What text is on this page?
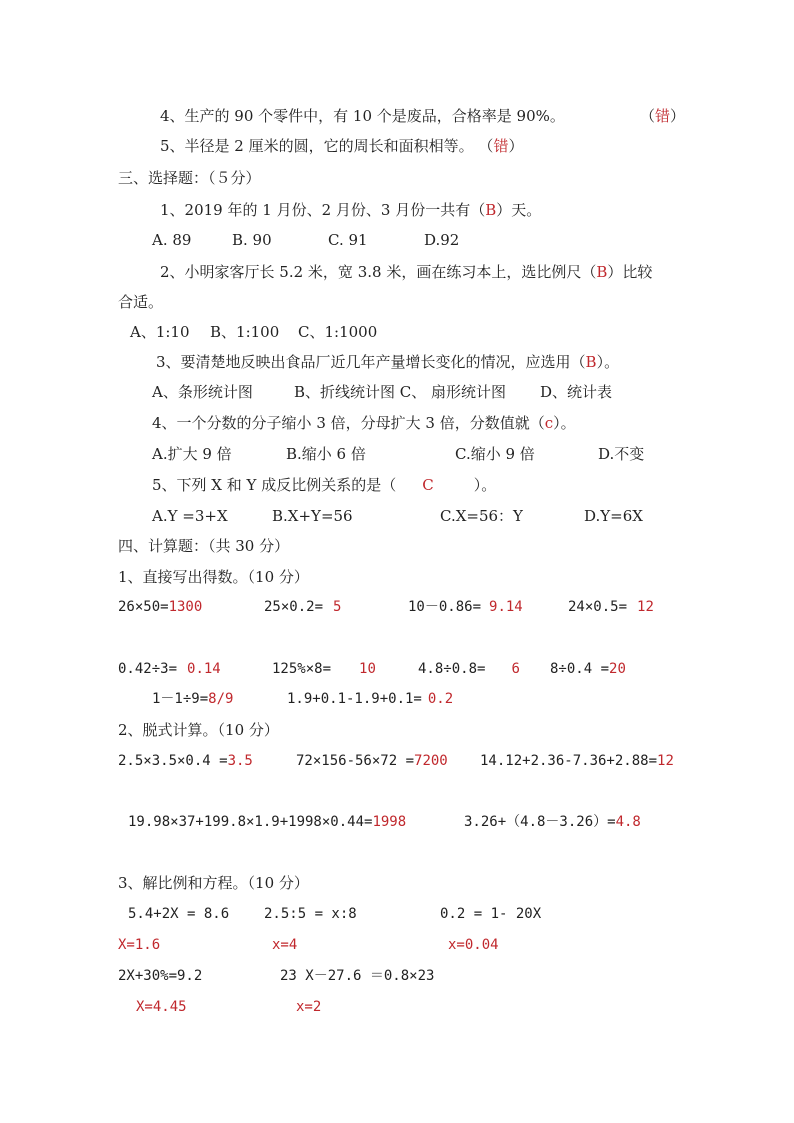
4、生产的 90 个零件中，有 10 个是废品，合格率是 90%。	（错）
5、半径是 2 厘米的圆，它的周长和面积相等。 （错）
三、选择题：（５分）
1、2019 年的 1 月份、2 月份、3 月份一共有（B）天。
A. 89	B. 90	C. 91	D.92
2、小明家客厅长 5.2 米，宽 3.8 米，画在练习本上，选比例尺（B）比较
合适。
A、1:10 B、1:100 C、1:1000
3、要清楚地反映出食品厂近几年产量增长变化的情况，应选用（B）。
A、条形统计图	B、折线统计图 C、 扇形统计图 D、统计表
4、一个分数的分子缩小 3 倍，分母扩大 3 倍，分数值就（c）。
A.扩大 9 倍	B.缩小 6 倍	C.缩小 9 倍	D.不变
5、下列 X 和 Y 成反比例关系的是（ C	）。
A.Y =3+X	B.X+Y=56	C.X=56：Y	D.Y=6X
四、计算题：（共 30 分）
1、直接写出得数。（10 分）
26×50=1300	25×0.2= 5	10－0.86= 9.14	24×0.5= 12
0.42÷3= 0.14	125%×8= 10	4.8÷0.8= 6 8÷0.4 =20
1－1÷9=8/9	1.9+0.1-1.9+0.1= 0.2
2、脱式计算。（10 分）
2.5×3.5×0.4 =3.5	72×156-56×72 =7200 14.12+2.36-7.36+2.88=12
19.98×37+199.8×1.9+1998×0.44=1998	3.26+（4.8－3.26）=4.8
3、解比例和方程。（10 分）
5.4+2X = 8.6 2.5:5 = x:8	0.2 = 1- 20X
X=1.6	x=4	x=0.04
2X+30%=9.2	23 X－27.6 ＝0.8×23
X=4.45	x=2
